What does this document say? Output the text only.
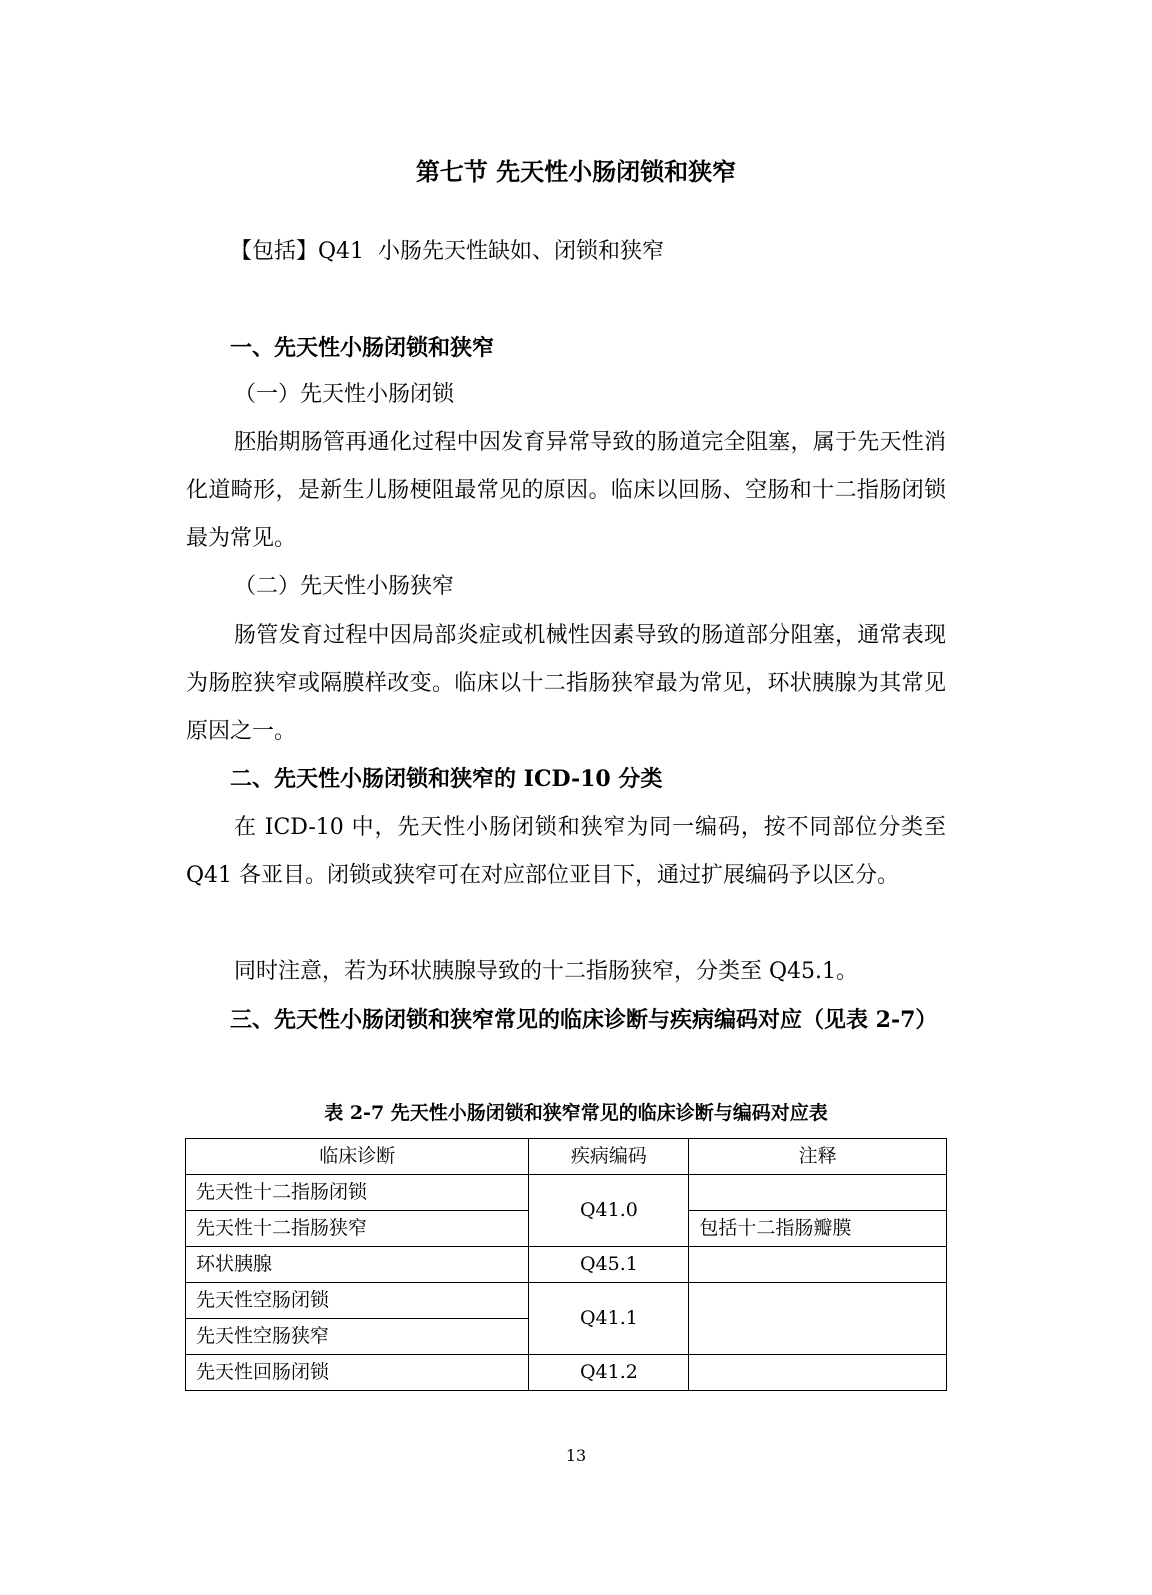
第七节 先天性小肠闭锁和狭窄
【包括】Q41 小肠先天性缺如、闭锁和狭窄
一、先天性小肠闭锁和狭窄
（一）先天性小肠闭锁
胚胎期肠管再通化过程中因发育异常导致的肠道完全阻塞，属于先天性消化道畸形，是新生儿肠梗阻最常见的原因。临床以回肠、空肠和十二指肠闭锁最为常见。
（二）先天性小肠狭窄
肠管发育过程中因局部炎症或机械性因素导致的肠道部分阻塞，通常表现为肠腔狭窄或隔膜样改变。临床以十二指肠狭窄最为常见，环状胰腺为其常见原因之一。
二、先天性小肠闭锁和狭窄的 ICD-10 分类
在 ICD-10 中，先天性小肠闭锁和狭窄为同一编码，按不同部位分类至 Q41 各亚目。闭锁或狭窄可在对应部位亚目下，通过扩展编码予以区分。
同时注意，若为环状胰腺导致的十二指肠狭窄，分类至 Q45.1。
三、先天性小肠闭锁和狭窄常见的临床诊断与疾病编码对应（见表 2-7）
表 2-7 先天性小肠闭锁和狭窄常见的临床诊断与编码对应表
临床诊断	疾病编码	注释
先天性十二指肠闭锁	Q41.0	
先天性十二指肠狭窄		包括十二指肠瓣膜
环状胰腺	Q45.1	
先天性空肠闭锁	Q41.1	
先天性空肠狭窄		
先天性回肠闭锁	Q41.2	
13
